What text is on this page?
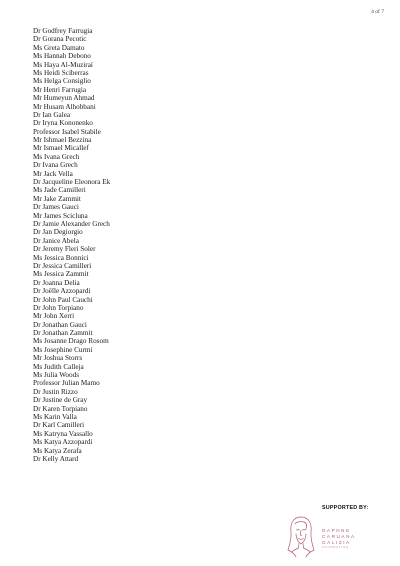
4 of 7
Dr Godfrey Farrugia
Dr Gorana Pecotic
Ms Greta Damato
Ms Hannah Debono
Ms Haya Al-Muziraí
Ms Heidi Sciberras
Ms Helga Consiglio
Mr Henri Farrugia
Mr Humeyun Ahmad
Mr Husam Alhobbani
Dr Ian Galea
Dr Iryna Kononenko
Professor Isabel Stabile
Mr Ishmael Bezzina
Mr Ismael Micallef
Ms Ivana Grech
Dr Ivana Grech
Mr Jack Vella
Dr Jacqueline Eleonora Ek
Ms Jade Camilleri
Mr Jake Zammit
Dr James Gauci
Mr James Scicluna
Dr Jamie Alexander Grech
Dr Jan Degiorgio
Dr Janice Abela
Dr Jeremy Fleri Soler
Ms Jessica Bonnici
Dr Jessica Camilleri
Ms Jessica Zammit
Dr Joanna Delia
Dr Joëlle Azzopardi
Dr John Paul Cauchi
Dr John Torpiano
Mr John Xerri
Dr Jonathan Gauci
Dr Jonathan Zammit
Ms Josanne Drago Rosom
Ms Josephine Curmi
Mr Joshua Storrs
Ms Judith Calleja
Ms Julia Woods
Professor Julian Mamo
Dr Justin Rizzo
Dr Justine de Gray
Dr Karen Torpiano
Ms Karin Valla
Dr Karl Camilleri
Ms Katryna Vassallo
Ms Katya Azzopardi
Ms Katya Zerafa
Dr Kelly Attard
SUPPORTED BY:
DAPHNE
CARUANA
GALIZIA
FOUNDATION
